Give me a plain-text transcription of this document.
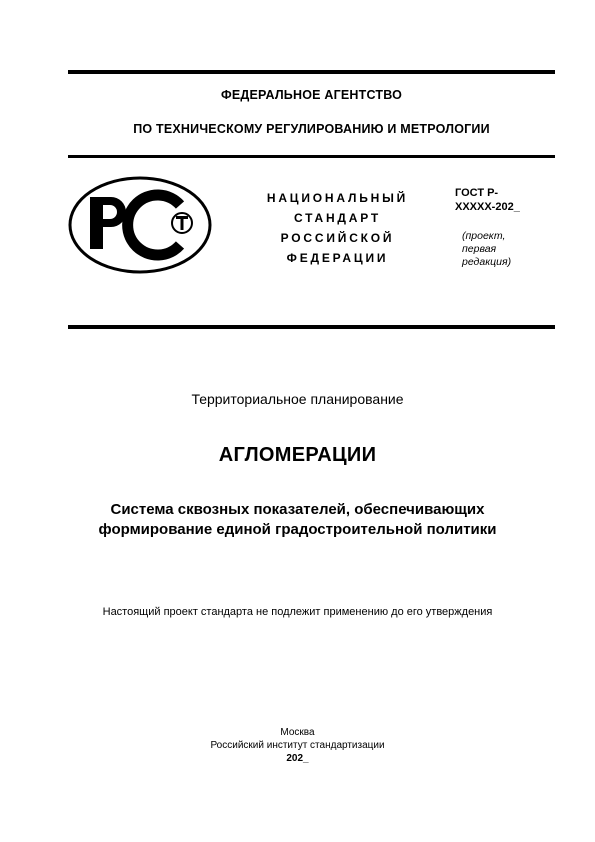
ФЕДЕРАЛЬНОЕ АГЕНТСТВО
ПО ТЕХНИЧЕСКОМУ РЕГУЛИРОВАНИЮ И МЕТРОЛОГИИ
НАЦИОНАЛЬНЫЙ
СТАНДАРТ
РОССИЙСКОЙ
ФЕДЕРАЦИИ
ГОСТ Р-
XXXXX-202_
(проект,
первая
редакция)
Территориальное планирование
АГЛОМЕРАЦИИ
Система сквозных показателей, обеспечивающих
формирование единой градостроительной политики
Настоящий проект стандарта не подлежит применению до его утверждения
Москва
Российский институт стандартизации
202_
